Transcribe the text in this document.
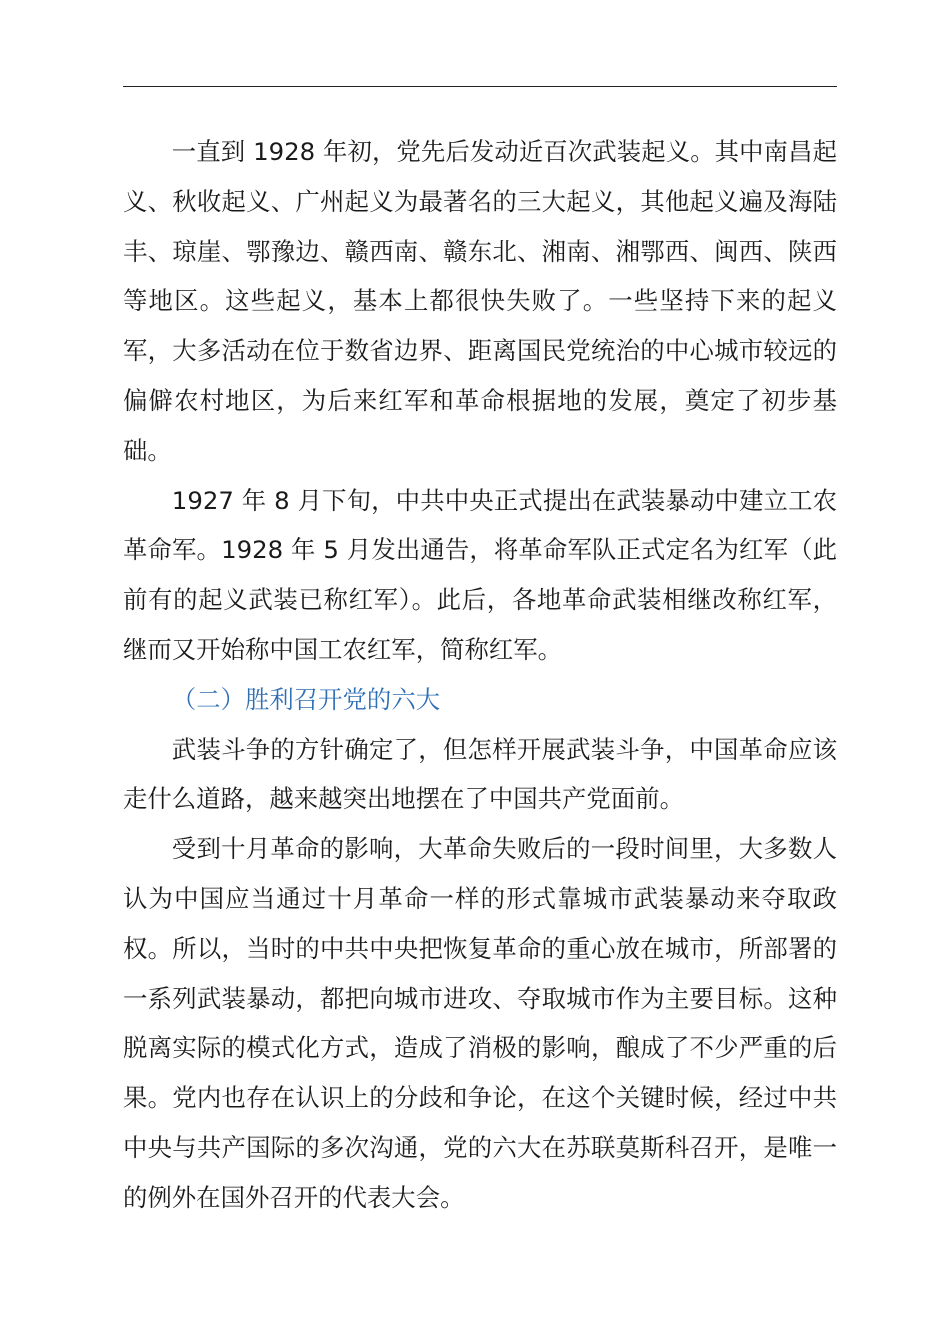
一直到 1928 年初，党先后发动近百次武装起义。其中南昌起义、秋收起义、广州起义为最著名的三大起义，其他起义遍及海陆丰、琼崖、鄂豫边、赣西南、赣东北、湘南、湘鄂西、闽西、陕西等地区。这些起义，基本上都很快失败了。一些坚持下来的起义军，大多活动在位于数省边界、距离国民党统治的中心城市较远的偏僻农村地区，为后来红军和革命根据地的发展，奠定了初步基础。

1927 年 8 月下旬，中共中央正式提出在武装暴动中建立工农革命军。1928 年 5 月发出通告，将革命军队正式定名为红军（此前有的起义武装已称红军）。此后，各地革命武装相继改称红军，继而又开始称中国工农红军，简称红军。

（二）胜利召开党的六大

武装斗争的方针确定了，但怎样开展武装斗争，中国革命应该走什么道路，越来越突出地摆在了中国共产党面前。

受到十月革命的影响，大革命失败后的一段时间里，大多数人认为中国应当通过十月革命一样的形式靠城市武装暴动来夺取政权。所以，当时的中共中央把恢复革命的重心放在城市，所部署的一系列武装暴动，都把向城市进攻、夺取城市作为主要目标。这种脱离实际的模式化方式，造成了消极的影响，酿成了不少严重的后果。党内也存在认识上的分歧和争论，在这个关键时候，经过中共中央与共产国际的多次沟通，党的六大在苏联莫斯科召开，是唯一的例外在国外召开的代表大会。
